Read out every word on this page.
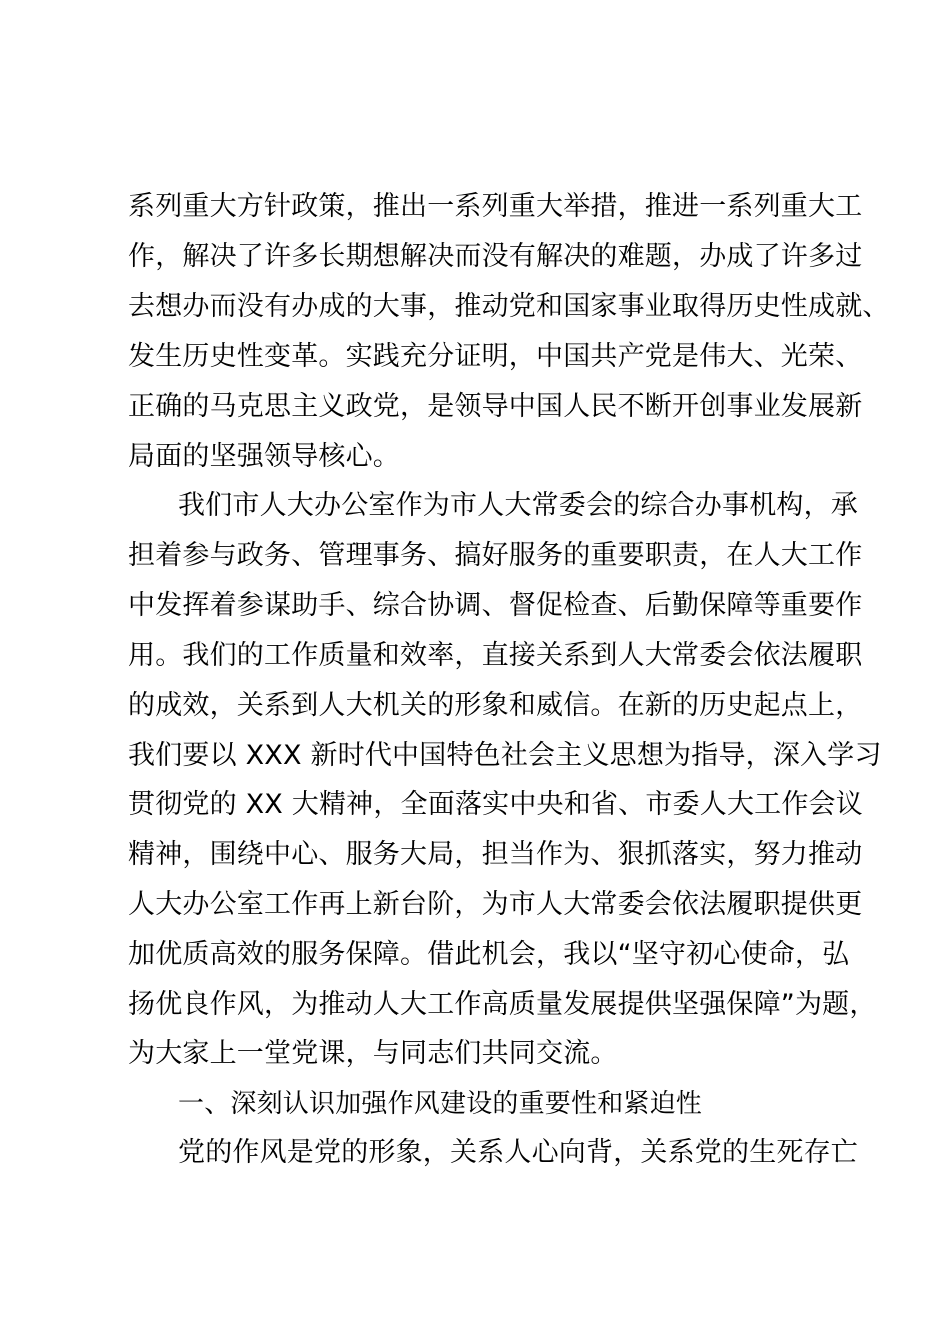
系列重大方针政策，推出一系列重大举措，推进一系列重大工
作，解决了许多长期想解决而没有解决的难题，办成了许多过
去想办而没有办成的大事，推动党和国家事业取得历史性成就、
发生历史性变革。实践充分证明，中国共产党是伟大、光荣、
正确的马克思主义政党，是领导中国人民不断开创事业发展新
局面的坚强领导核心。
我们市人大办公室作为市人大常委会的综合办事机构，承
担着参与政务、管理事务、搞好服务的重要职责，在人大工作
中发挥着参谋助手、综合协调、督促检查、后勤保障等重要作
用。我们的工作质量和效率，直接关系到人大常委会依法履职
的成效，关系到人大机关的形象和威信。在新的历史起点上，
我们要以 XXX 新时代中国特色社会主义思想为指导，深入学习
贯彻党的 XX 大精神，全面落实中央和省、市委人大工作会议
精神，围绕中心、服务大局，担当作为、狠抓落实，努力推动
人大办公室工作再上新台阶，为市人大常委会依法履职提供更
加优质高效的服务保障。借此机会，我以“坚守初心使命，弘
扬优良作风，为推动人大工作高质量发展提供坚强保障”为题，
为大家上一堂党课，与同志们共同交流。
一、深刻认识加强作风建设的重要性和紧迫性
党的作风是党的形象，关系人心向背，关系党的生死存亡
